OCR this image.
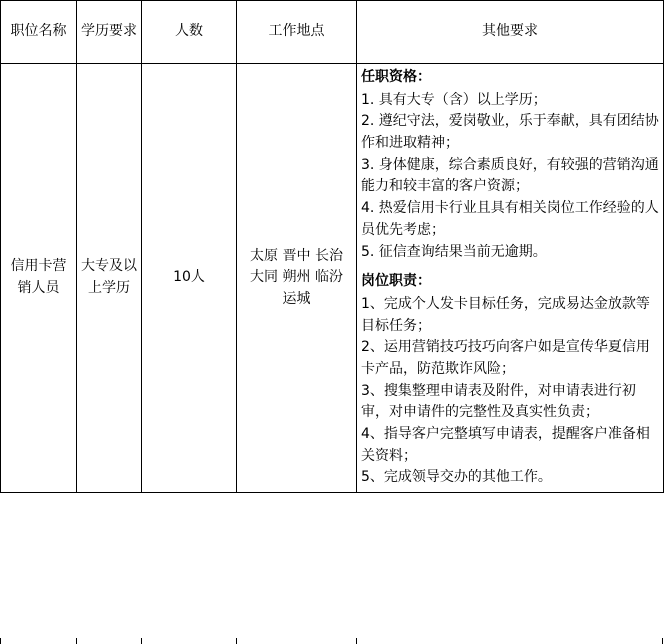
职位名称	学历要求	人数	工作地点	其他要求
信用卡营销人员	大专及以上学历	10人	太原 晋中 长治 大同 朔州 临汾 运城	

任职资格：

1. 具有大专（含）以上学历；

2. 遵纪守法，爱岗敬业，乐于奉献，具有团结协作和进取精神；

3. 身体健康，综合素质良好，有较强的营销沟通能力和较丰富的客户资源；

4. 热爱信用卡行业且具有相关岗位工作经验的人员优先考虑；

5. 征信查询结果当前无逾期。

岗位职责：

1、完成个人发卡目标任务，完成易达金放款等目标任务；

2、运用营销技巧技巧向客户如是宣传华夏信用卡产品，防范欺诈风险；

3、搜集整理申请表及附件，对申请表进行初审，对申请件的完整性及真实性负责；

4、指导客户完整填写申请表，提醒客户准备相关资料；

5、完成领导交办的其他工作。
